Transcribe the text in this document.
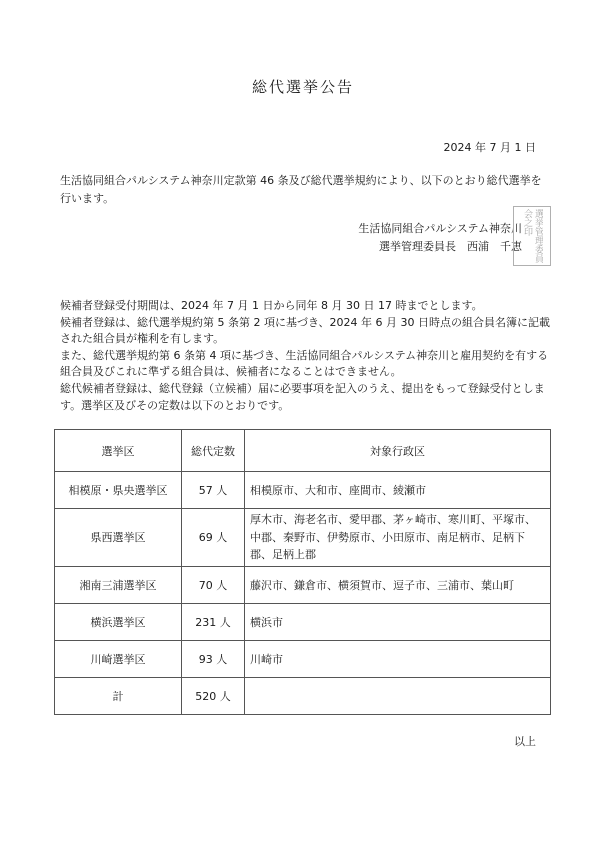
総代選挙公告
2024 年 7 月 1 日
生活協同組合パルシステム神奈川定款第 46 条及び総代選挙規約により、以下のとおり総代選挙を行います。
生活協同組合パルシステム神奈川
選挙管理委員長　西浦　千恵	選挙管理委員会之印

候補者登録受付期間は、2024 年 7 月 1 日から同年 8 月 30 日 17 時までとします。

候補者登録は、総代選挙規約第 5 条第 2 項に基づき、2024 年 6 月 30 日時点の組合員名簿に記載された組合員が権利を有します。

また、総代選挙規約第 6 条第 4 項に基づき、生活協同組合パルシステム神奈川と雇用契約を有する組合員及びこれに準ずる組合員は、候補者になることはできません。

総代候補者登録は、総代登録（立候補）届に必要事項を記入のうえ、提出をもって登録受付とします。選挙区及びその定数は以下のとおりです。

選挙区	総代定数	対象行政区
相模原・県央選挙区	57 人	相模原市、大和市、座間市、綾瀬市
県西選挙区	69 人	厚木市、海老名市、愛甲郡、茅ヶ崎市、寒川町、平塚市、中郡、秦野市、伊勢原市、小田原市、南足柄市、足柄下郡、足柄上郡
湘南三浦選挙区	70 人	藤沢市、鎌倉市、横須賀市、逗子市、三浦市、葉山町
横浜選挙区	231 人	横浜市
川崎選挙区	93 人	川崎市
計	520 人	
以上
